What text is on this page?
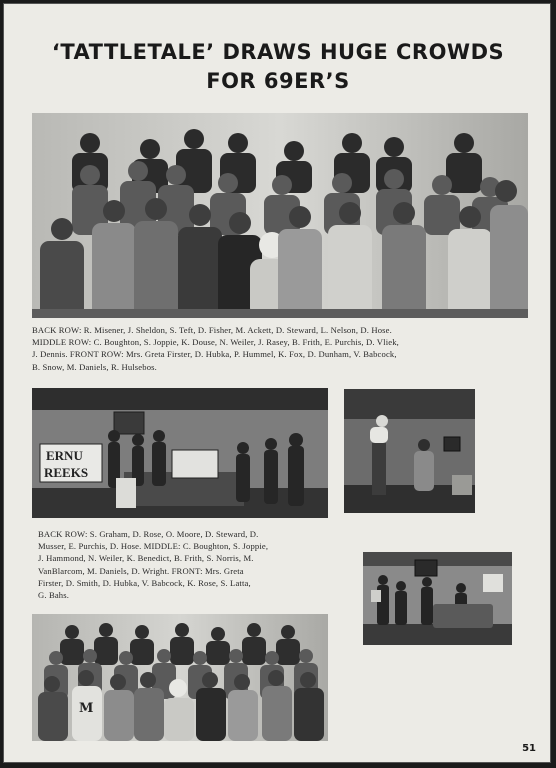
‘TATTLETALE’ DRAWS HUGE CROWDS
FOR 69ER’S
BACK ROW: R. Misener, J. Sheldon, S. Teft, D. Fisher, M. Ackett, D. Steward, L. Nelson, D. Hose.
MIDDLE ROW: C. Boughton, S. Joppie, K. Douse, N. Weiler, J. Rasey, B. Frith, E. Purchis, D. Vliek,
J. Dennis. FRONT ROW: Mrs. Greta Firster, D. Hubka, P. Hummel, K. Fox, D. Dunham, V. Babcock,
B. Snow, M. Daniels, R. Hulsebos.
ERNU
REEKS
BACK ROW: S. Graham, D. Rose, O. Moore, D. Steward, D.
Musser, E. Purchis, D. Hose. MIDDLE: C. Boughton, S. Joppie,
J. Hammond, N. Weiler, K. Benedict, B. Frith, S. Norris, M.
VanBlarcom, M. Daniels, D. Wright. FRONT: Mrs. Greta
Firster, D. Smith, D. Hubka, V. Babcock, K. Rose, S. Latta,
G. Bahs.
M
51
